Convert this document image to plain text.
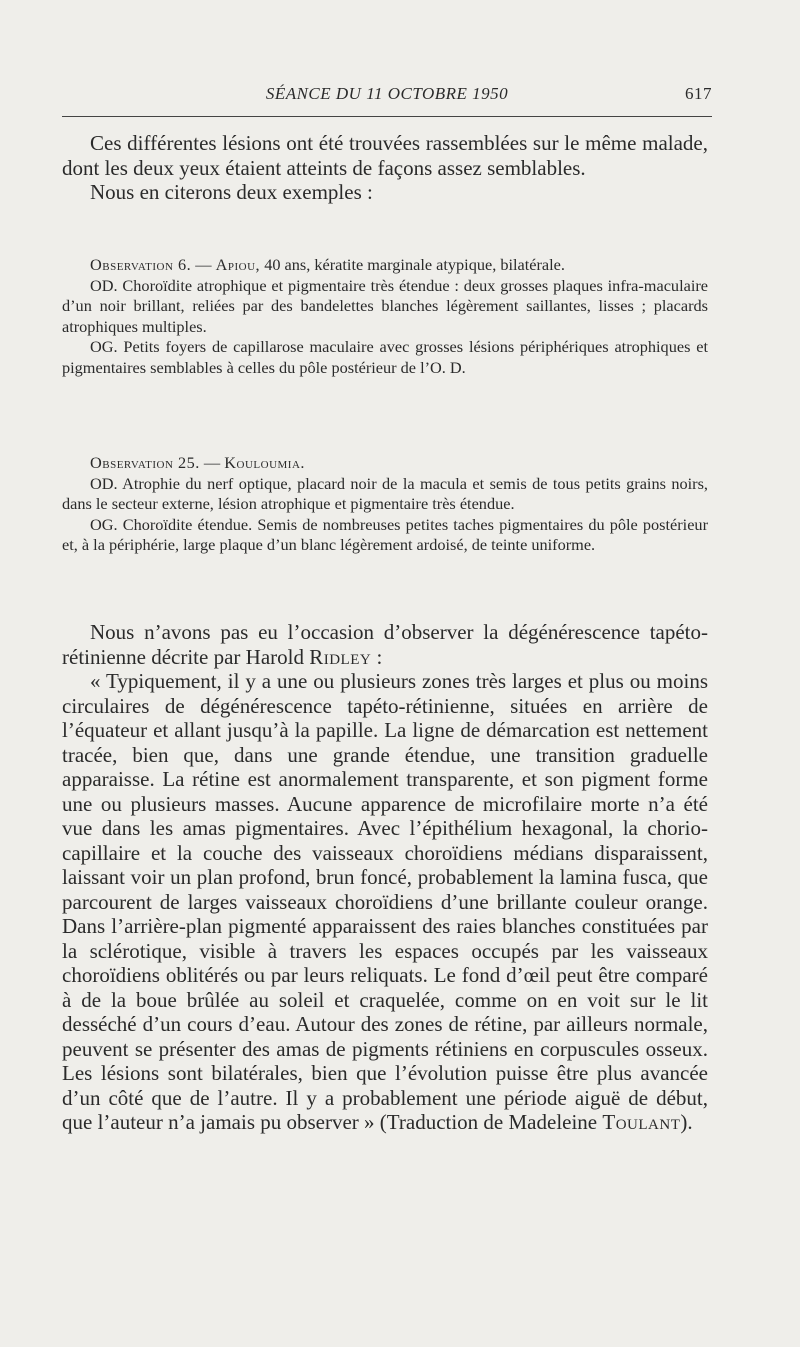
SÉANCE DU 11 OCTOBRE 1950	617

Ces différentes lésions ont été trouvées rassemblées sur le même malade, dont les deux yeux étaient atteints de façons assez semblables.

Nous en citerons deux exemples :

Observation 6. — Apiou, 40 ans, kératite marginale atypique, bilatérale.

OD. Choroïdite atrophique et pigmentaire très étendue : deux grosses plaques infra-maculaire d’un noir brillant, reliées par des bandelettes blanches légèrement saillantes, lisses ; placards atrophiques multiples.

OG. Petits foyers de capillarose maculaire avec grosses lésions périphériques atrophiques et pigmentaires semblables à celles du pôle postérieur de l’O. D.

Observation 25. — Kouloumia.

OD. Atrophie du nerf optique, placard noir de la macula et semis de tous petits grains noirs, dans le secteur externe, lésion atrophique et pigmentaire très étendue.

OG. Choroïdite étendue. Semis de nombreuses petites taches pigmentaires du pôle postérieur et, à la périphérie, large plaque d’un blanc légèrement ardoisé, de teinte uniforme.

Nous n’avons pas eu l’occasion d’observer la dégénérescence tapéto-rétinienne décrite par Harold Ridley :

« Typiquement, il y a une ou plusieurs zones très larges et plus ou moins circulaires de dégénérescence tapéto-rétinienne, situées en arrière de l’équateur et allant jusqu’à la papille. La ligne de démarcation est nettement tracée, bien que, dans une grande étendue, une transition graduelle apparaisse. La rétine est anormalement transparente, et son pigment forme une ou plusieurs masses. Aucune apparence de microfilaire morte n’a été vue dans les amas pigmentaires. Avec l’épithélium hexagonal, la chorio-capillaire et la couche des vaisseaux choroïdiens médians disparaissent, laissant voir un plan profond, brun foncé, probablement la lamina fusca, que parcourent de larges vaisseaux choroïdiens d’une brillante couleur orange. Dans l’arrière-plan pigmenté apparaissent des raies blanches constituées par la sclérotique, visible à travers les espaces occupés par les vaisseaux choroïdiens oblitérés ou par leurs reliquats. Le fond d’œil peut être comparé à de la boue brûlée au soleil et craquelée, comme on en voit sur le lit desséché d’un cours d’eau. Autour des zones de rétine, par ailleurs normale, peuvent se présenter des amas de pigments rétiniens en corpuscules osseux. Les lésions sont bilatérales, bien que l’évolution puisse être plus avancée d’un côté que de l’autre. Il y a probablement une période aiguë de début, que l’auteur n’a jamais pu observer » (Traduction de Madeleine Toulant).
